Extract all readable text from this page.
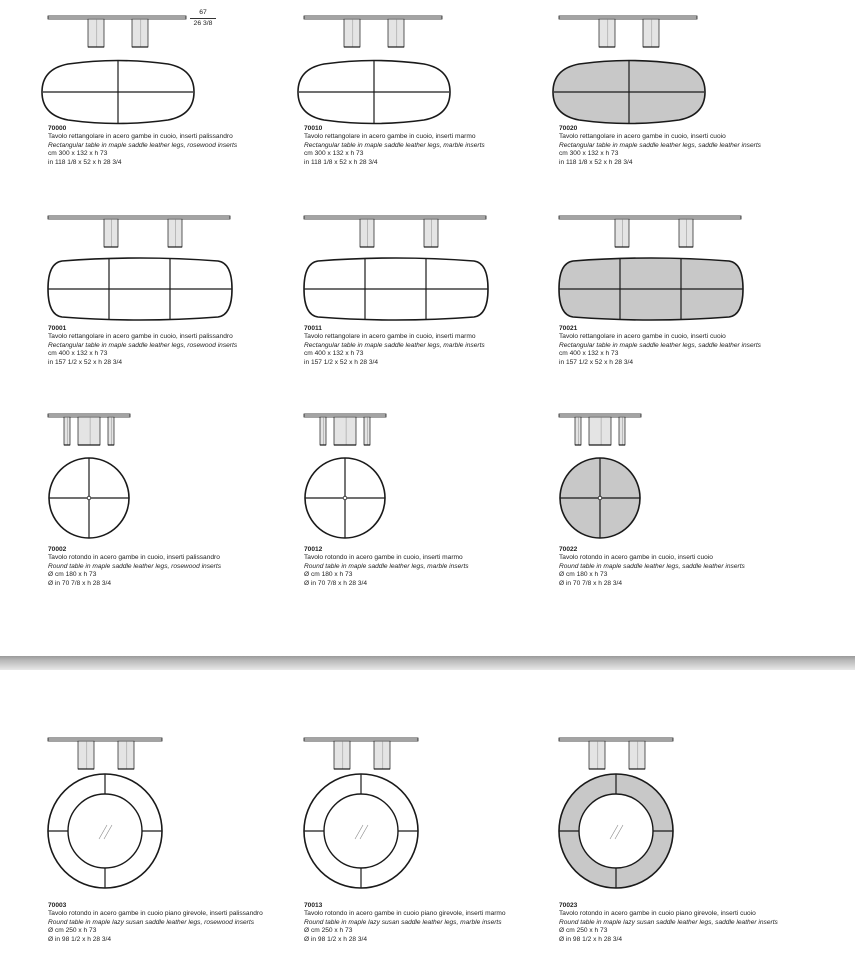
67
26 3/8
70000
Tavolo rettangolare in acero gambe in cuoio, inserti palissandro
Rectangular table in maple saddle leather legs, rosewood inserts
cm 300 x 132 x h 73
in 118 1/8 x 52 x h 28 3/4
70010
Tavolo rettangolare in acero gambe in cuoio, inserti marmo
Rectangular table in maple saddle leather legs, marble inserts
cm 300 x 132 x h 73
in 118 1/8 x 52 x h 28 3/4
70020
Tavolo rettangolare in acero gambe in cuoio, inserti cuoio
Rectangular table in maple saddle leather legs, saddle leather inserts
cm 300 x 132 x h 73
in 118 1/8 x 52 x h 28 3/4
70001
Tavolo rettangolare in acero gambe in cuoio, inserti palissandro
Rectangular table in maple saddle leather legs, rosewood inserts
cm 400 x 132 x h 73
in 157 1/2 x 52 x h 28 3/4
70011
Tavolo rettangolare in acero gambe in cuoio, inserti marmo
Rectangular table in maple saddle leather legs, marble inserts
cm 400 x 132 x h 73
in 157 1/2 x 52 x h 28 3/4
70021
Tavolo rettangolare in acero gambe in cuoio, inserti cuoio
Rectangular table in maple saddle leather legs, saddle leather inserts
cm 400 x 132 x h 73
in 157 1/2 x 52 x h 28 3/4
70002
Tavolo rotondo in acero gambe in cuoio, inserti palissandro
Round table in maple saddle leather legs, rosewood inserts
Ø cm 180 x h 73
Ø in 70 7/8 x h 28 3/4
70012
Tavolo rotondo in acero gambe in cuoio, inserti marmo
Round table in maple saddle leather legs, marble inserts
Ø cm 180 x h 73
Ø in 70 7/8 x h 28 3/4
70022
Tavolo rotondo in acero gambe in cuoio, inserti cuoio
Round table in maple saddle leather legs, saddle leather inserts
Ø cm 180 x h 73
Ø in 70 7/8 x h 28 3/4
70003
Tavolo rotondo in acero gambe in cuoio piano girevole, inserti palissandro
Round table in maple lazy susan saddle leather legs, rosewood inserts
Ø cm 250 x h 73
Ø in 98 1/2 x h 28 3/4
70013
Tavolo rotondo in acero gambe in cuoio piano girevole, inserti marmo
Round table in maple lazy susan saddle leather legs, marble inserts
Ø cm 250 x h 73
Ø in 98 1/2 x h 28 3/4
70023
Tavolo rotondo in acero gambe in cuoio piano girevole, inserti cuoio
Round table in maple lazy susan saddle leather legs, saddle leather inserts
Ø cm 250 x h 73
Ø in 98 1/2 x h 28 3/4
